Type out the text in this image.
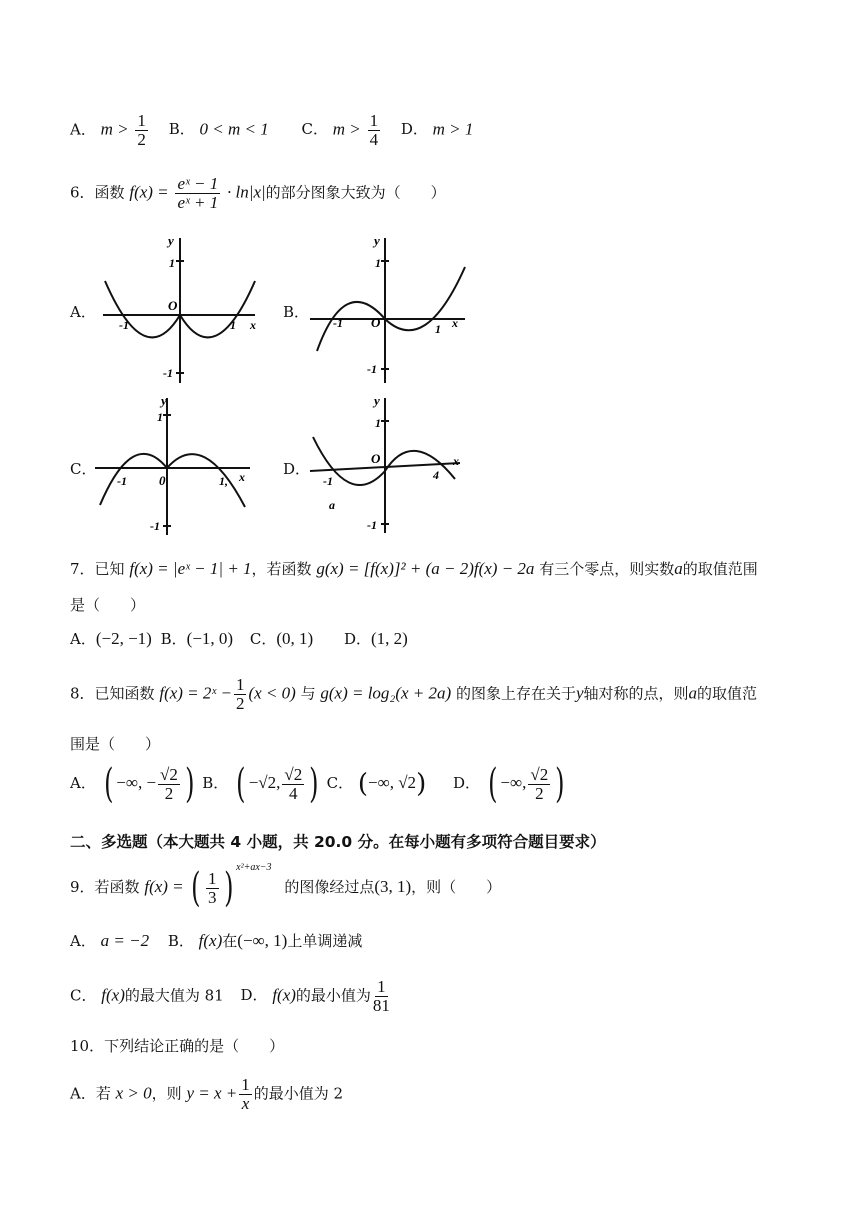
A． $m > \frac{1}{2}$ B． 0 < m < 1 C． $m > \frac{1}{4}$ D． m > 1
6．函数 $f(x) = \frac{\text{eˣ − 1}}{\text{eˣ + 1}} \cdot \ln|x|$的部分图象大致为（　　）
A．	B．
C．	D．
y
1
O
-1	1 x
-1
y
1
O
-1	1 x
-1
y
1
0
-1	1, x
-1
y
1
O
-1	4
x
a
-1
7．已知 f(x) = |eˣ − 1| + 1，若函数 g(x) = [f(x)]² + (a − 2)f(x) − 2a 有三个零点，则实数a的取值范围
是（　　）
A．(−2, −1) B．(−1, 0) C．(0, 1) D．(1, 2)
8．已知函数 f(x) = 2ˣ − $\frac{1}{2} (x < 0)$ 与 g(x) = log₂(x + 2a) 的图象上存在关于y轴对称的点，则a的取值范
围是（　　）
A． ( −∞, − $\frac{√2}{2}$ ) B． ( −√2, $\frac{√2}{4}$ ) C． (−∞, √2) D． ( −∞, $\frac{√2}{2}$ )
二、多选题（本大题共 4 小题，共 20.0 分。在每小题有多项符合题目要求）
9．若函数 f(x) = ( $\frac{1}{3}$ ) $^{x^2+ax-3}$ 的图像经过点(3, 1)，则（　　）
A． a = −2 B． f(x)在(−∞, 1)上单调递减
C． f(x)的最大值为 81 D． f(x)的最小值为 $\frac{1}{81}$
10．下列结论正确的是（　　）
A．若 x > 0，则 $y = x + \frac{1}{x}$ 的最小值为 2
